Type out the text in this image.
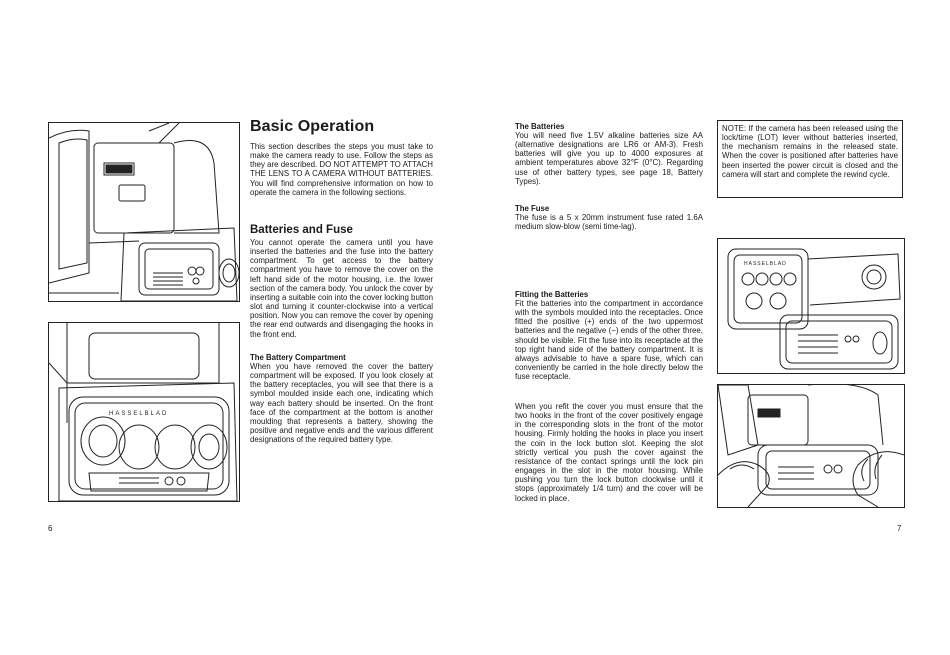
HASSELBLAD
Basic Operation

This section describes the steps you must take to make the camera ready to use. Follow the steps as they are described. DO NOT ATTEMPT TO ATTACH THE LENS TO A CAMERA WITHOUT BATTERIES. You will find comprehensive information on how to operate the camera in the following sections.

Batteries and Fuse

You cannot operate the camera until you have inserted the batteries and the fuse into the battery compartment. To get access to the battery compartment you have to remove the cover on the left hand side of the motor housing, i.e. the lower section of the camera body. You unlock the cover by inserting a suitable coin into the cover locking button slot and turning it counter-clockwise into a vertical position. Now you can remove the cover by opening the rear end outwards and disengaging the hooks in the front end.

The Battery Compartment

When you have removed the cover the battery compartment will be exposed. If you look closely at the battery receptacles, you will see that there is a symbol moulded inside each one, indicating which way each battery should be inserted. On the front face of the compartment at the bottom is another moulding that represents a battery, showing the positive and negative ends and the various different designations of the required battery type.

6
The Batteries

You will need five 1.5V alkaline batteries size AA (alternative designations are LR6 or AM-3). Fresh batteries will give you up to 4000 exposures at ambient temperatures above 32°F (0°C). Regarding use of other battery types, see page 18, Battery Types).

The Fuse

The fuse is a 5 x 20mm instrument fuse rated 1.6A medium slow-blow (semi time-lag).

NOTE: If the camera has been released using the lock/time (LOT) lever without batteries inserted, the mechanism remains in the released state. When the cover is positioned after batteries have been inserted the power circuit is closed and the camera will start and complete the rewind cycle.

Fitting the Batteries

Fit the batteries into the compartment in accordance with the symbols moulded into the receptacles. Once fitted the positive (+) ends of the two uppermost batteries and the negative (−) ends of the other three, should be visible. Fit the fuse into its receptacle at the top right hand side of the battery compartment. It is always advisable to have a spare fuse, which can conveniently be carried in the hole directly below the fuse receptacle.

When you refit the cover you must ensure that the two hooks in the front of the cover positively engage in the corresponding slots in the front of the motor housing. Firmly holding the hooks in place you insert the coin in the lock button slot. Keeping the slot strictly vertical you push the cover against the resistance of the contact springs until the lock pin engages in the slot in the motor housing. While pushing you turn the lock button clockwise until it stops (approximately 1/4 turn) and the cover will be locked in place.

HASSELBLAD
7
